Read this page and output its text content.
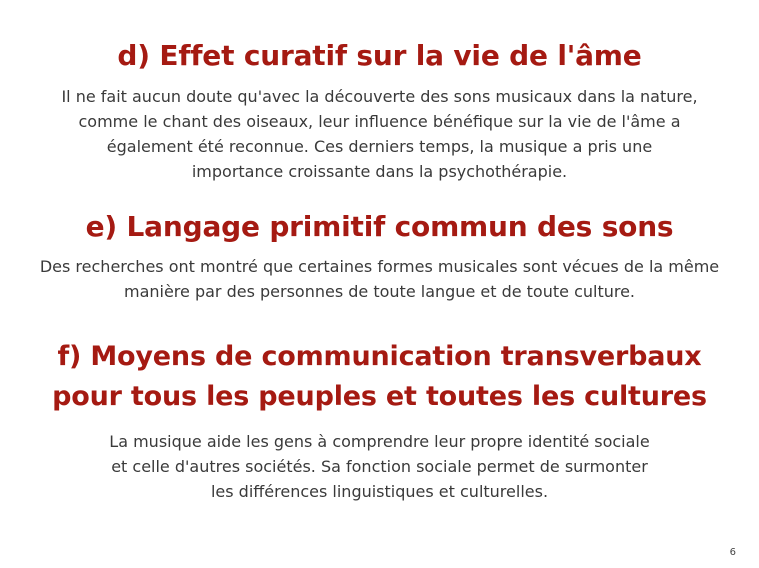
d) Effet curatif sur la vie de l'âme

Il ne fait aucun doute qu'avec la découverte des sons musicaux dans la nature, comme le chant des oiseaux, leur influence bénéfique sur la vie de l'âme a également été reconnue. Ces derniers temps, la musique a pris une importance croissante dans la psychothérapie.

e) Langage primitif commun des sons

Des recherches ont montré que certaines formes musicales sont vécues de la même manière par des personnes de toute langue et de toute culture.

f) Moyens de communication transverbaux pour tous les peuples et toutes les cultures

La musique aide les gens à comprendre leur propre identité sociale et celle d'autres sociétés. Sa fonction sociale permet de surmonter les différences linguistiques et culturelles.

6
